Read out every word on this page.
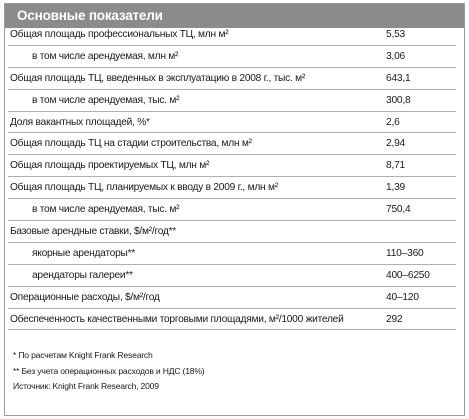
Основные показатели
Общая площадь профессиональных ТЦ, млн м²	5,53
в том числе арендуемая, млн м²	3,06
Общая площадь ТЦ, введенных в эксплуатацию в 2008 г., тыс. м²	643,1
в том числе арендуемая, тыс. м²	300,8
Доля вакантных площадей, %*	2,6
Общая площадь ТЦ на стадии строительства, млн м²	2,94
Общая площадь проектируемых ТЦ, млн м²	8,71
Общая площадь ТЦ, планируемых к вводу в 2009 г., млн м²	1,39
в том числе арендуемая, тыс. м²	750,4
Базовые арендные ставки, $/м²/год**	
якорные арендаторы**	110–360
арендаторы галереи**	400–6250
Операционные расходы, $/м²/год	40–120
Обеспеченность качественными торговыми площадями, м²/1000 жителей	292
* По расчетам Knight Frank Research
** Без учета операционных расходов и НДС (18%)
Источник: Knight Frank Research, 2009
